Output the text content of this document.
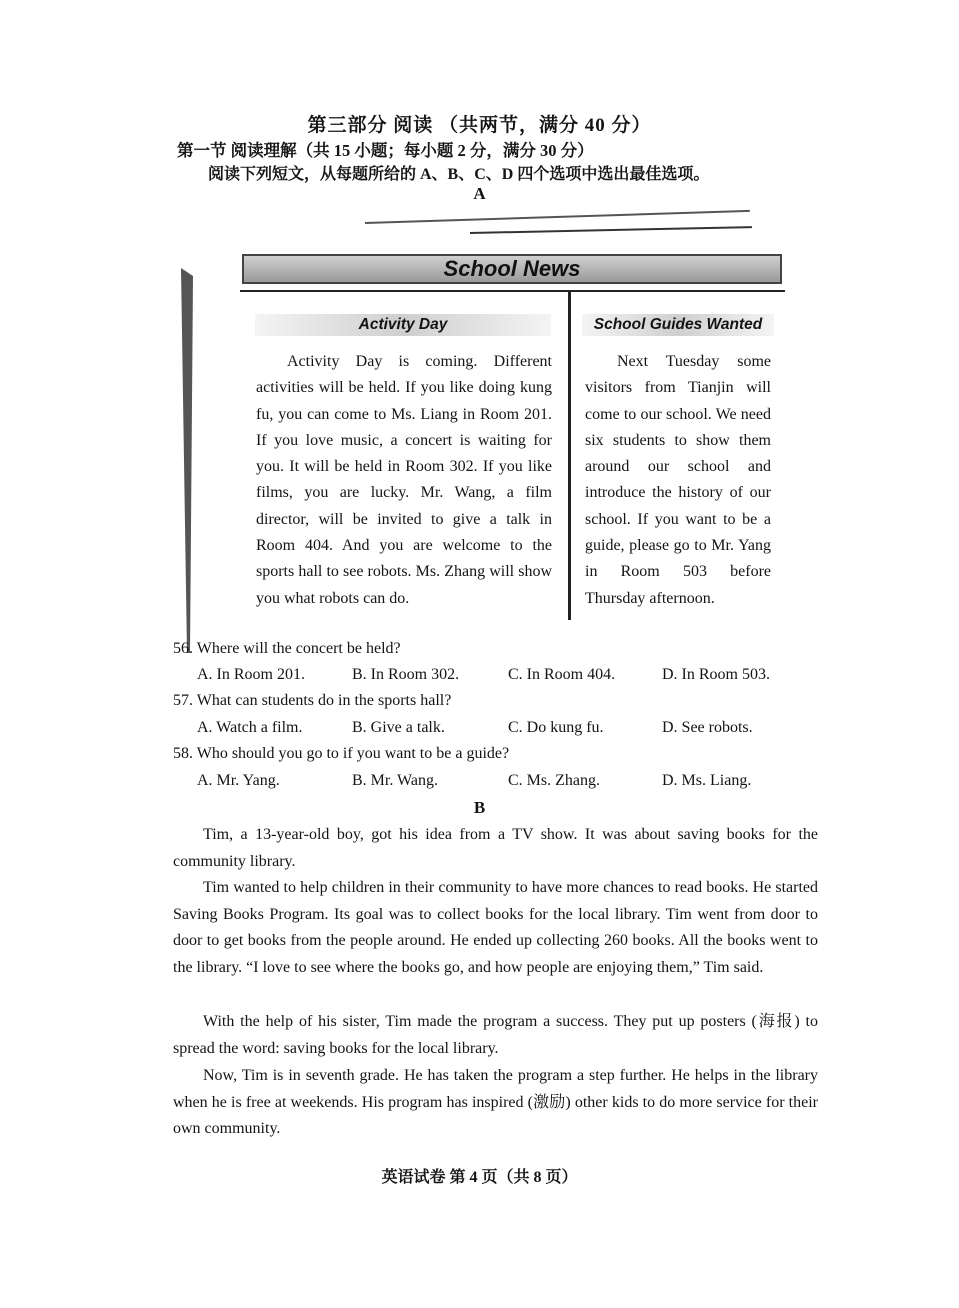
第三部分 阅读 （共两节，满分 40 分）
第一节 阅读理解（共 15 小题；每小题 2 分，满分 30 分）
阅读下列短文，从每题所给的 A、B、C、D 四个选项中选出最佳选项。
A
School News
Activity Day
Activity Day is coming. Different activities will be held. If you like doing kung fu, you can come to Ms. Liang in Room 201. If you love music, a concert is waiting for you. It will be held in Room 302. If you like films, you are lucky. Mr. Wang, a film director, will be invited to give a talk in Room 404. And you are welcome to the sports hall to see robots. Ms. Zhang will show you what robots can do.
School Guides Wanted
Next Tuesday some visitors from Tianjin will come to our school. We need six students to show them around our school and introduce the history of our school. If you want to be a guide, please go to Mr. Yang in Room 503 before Thursday afternoon.
56. Where will the concert be held?
A. In Room 201.	B. In Room 302.	C. In Room 404.	D. In Room 503.
57. What can students do in the sports hall?
A. Watch a film.	B. Give a talk.	C. Do kung fu.	D. See robots.
58. Who should you go to if you want to be a guide?
A. Mr. Yang.	B. Mr. Wang.	C. Ms. Zhang.	D. Ms. Liang.
B
Tim, a 13-year-old boy, got his idea from a TV show. It was about saving books for the community library.
Tim wanted to help children in their community to have more chances to read books. He started Saving Books Program. Its goal was to collect books for the local library. Tim went from door to door to get books from the people around. He ended up collecting 260 books. All the books went to the library. “I love to see where the books go, and how people are enjoying them,” Tim said.
With the help of his sister, Tim made the program a success. They put up posters (海报) to spread the word: saving books for the local library.
Now, Tim is in seventh grade. He has taken the program a step further. He helps in the library when he is free at weekends. His program has inspired (激励) other kids to do more service for their own community.
英语试卷 第 4 页（共 8 页）
